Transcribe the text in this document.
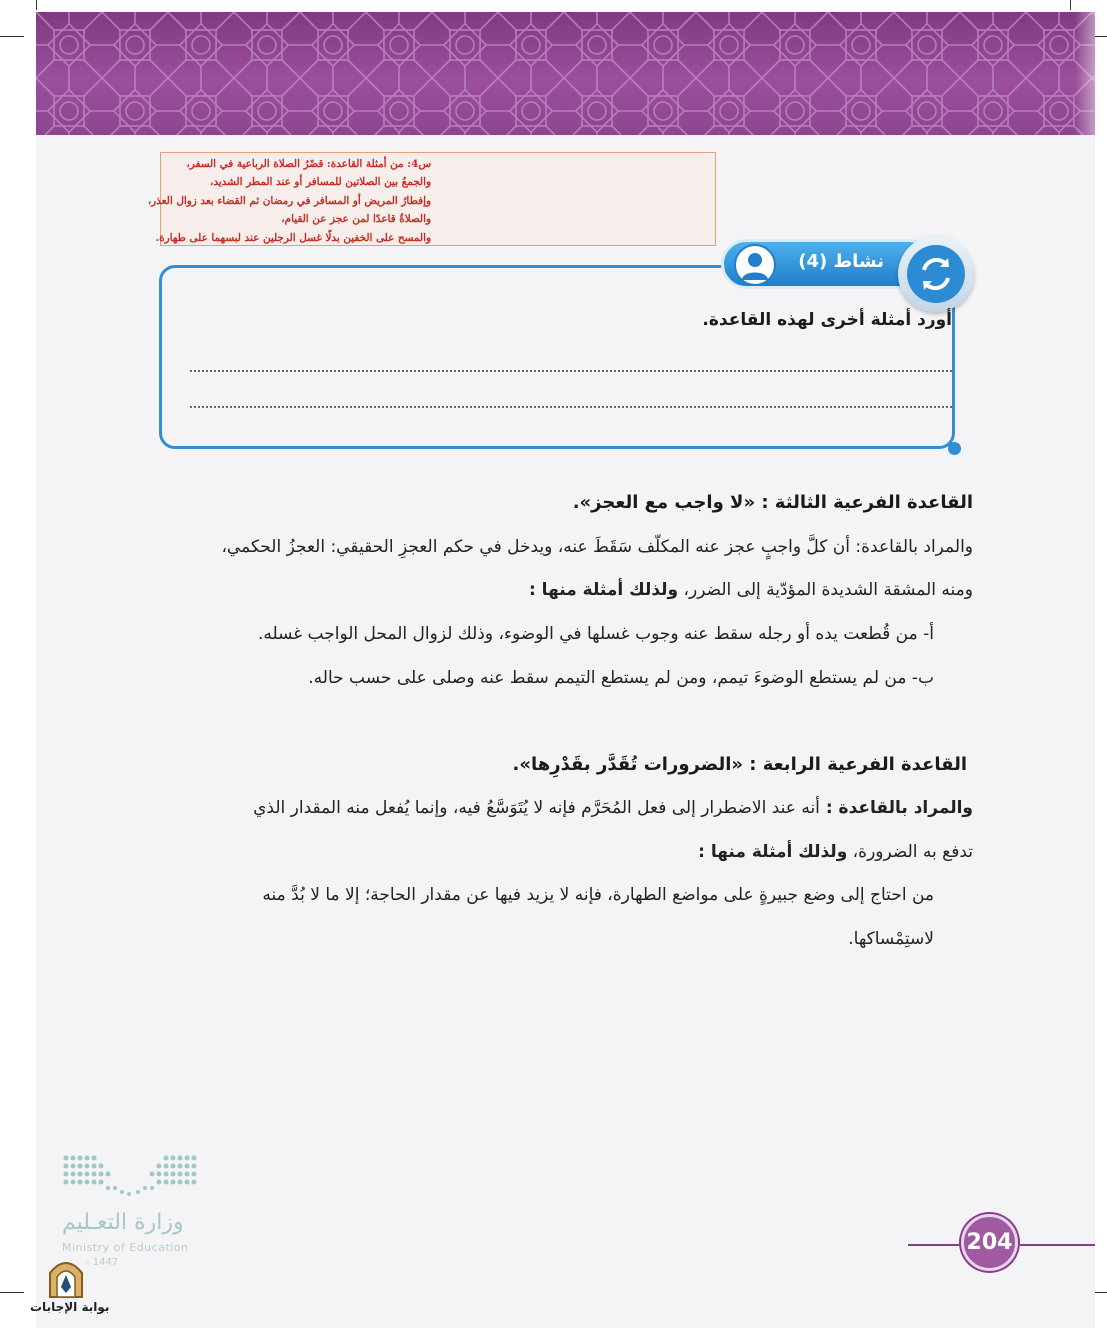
س4: من أمثلة القاعدة: قصْرُ الصلاة الرباعية في السفر،
والجمعُ بين الصلاتين للمسافر أو عند المطر الشديد،
وإفطارُ المريض أو المسافر في رمضان ثم القضاء بعد زوال العذر،
والصلاةُ قاعدًا لمن عجز عن القيام،
والمسح على الخفين بدلًا غسل الرجلين عند لبسهما على طهارة.
نشاط (4)
أورد أمثلة أخرى لهذه القاعدة.
القاعدة الفرعية الثالثة : «لا واجب مع العجز».
والمراد بالقاعدة: أن كلَّ واجبٍ عجز عنه المكلّف سَقَطَ عنه، ويدخل في حكم العجزِ الحقيقي: العجزُ الحكمي،
ومنه المشقة الشديدة المؤدّية إلى الضرر، ولذلك أمثلة منها :
أ- من قُطعت يده أو رجله سقط عنه وجوب غسلها في الوضوء، وذلك لزوال المحل الواجب غسله.
ب- من لم يستطع الوضوءَ تيمم، ومن لم يستطع التيمم سقط عنه وصلى على حسب حاله.
القاعدة الفرعية الرابعة : «الضرورات تُقَدَّر بقَدْرِها».
والمراد بالقاعدة : أنه عند الاضطرار إلى فعل المُحَرَّم فإنه لا يُتَوَسَّعُ فيه، وإنما يُفعل منه المقدار الذي
تدفع به الضرورة، ولذلك أمثلة منها :
من احتاج إلى وضع جبيرةٍ على مواضع الطهارة، فإنه لا يزيد فيها عن مقدار الحاجة؛ إلا ما لا بُدَّ منه
لاستِمْساكها.
وزارة التعـليم
Ministry of Education
- 1447
بوابة الإجابات
204
